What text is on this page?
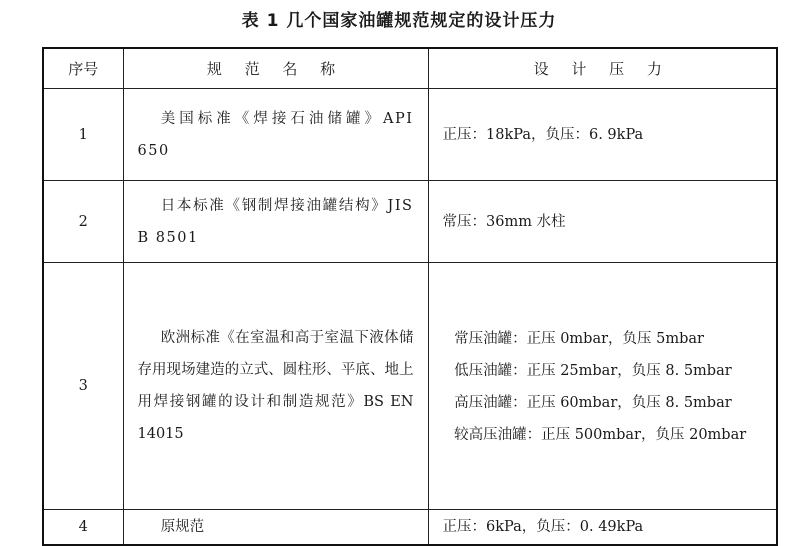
表 1 几个国家油罐规范规定的设计压力
序号	规 范 名 称	设 计 压 力
1	美国标准《焊接石油储罐》API 650	正压：18kPa，负压：6. 9kPa

2	日本标准《钢制焊接油罐结构》JIS B 8501	常压：36mm 水柱

3	欧洲标准《在室温和高于室温下液体储存用现场建造的立式、圆柱形、平底、地上用焊接钢罐的设计和制造规范》BS EN 14015	常压油罐：正压 0mbar，负压 5mbar
低压油罐：正压 25mbar，负压 8. 5mbar
高压油罐：正压 60mbar，负压 8. 5mbar
较高压油罐：正压 500mbar，负压 20mbar

4	原规范	正压：6kPa，负压：0. 49kPa
